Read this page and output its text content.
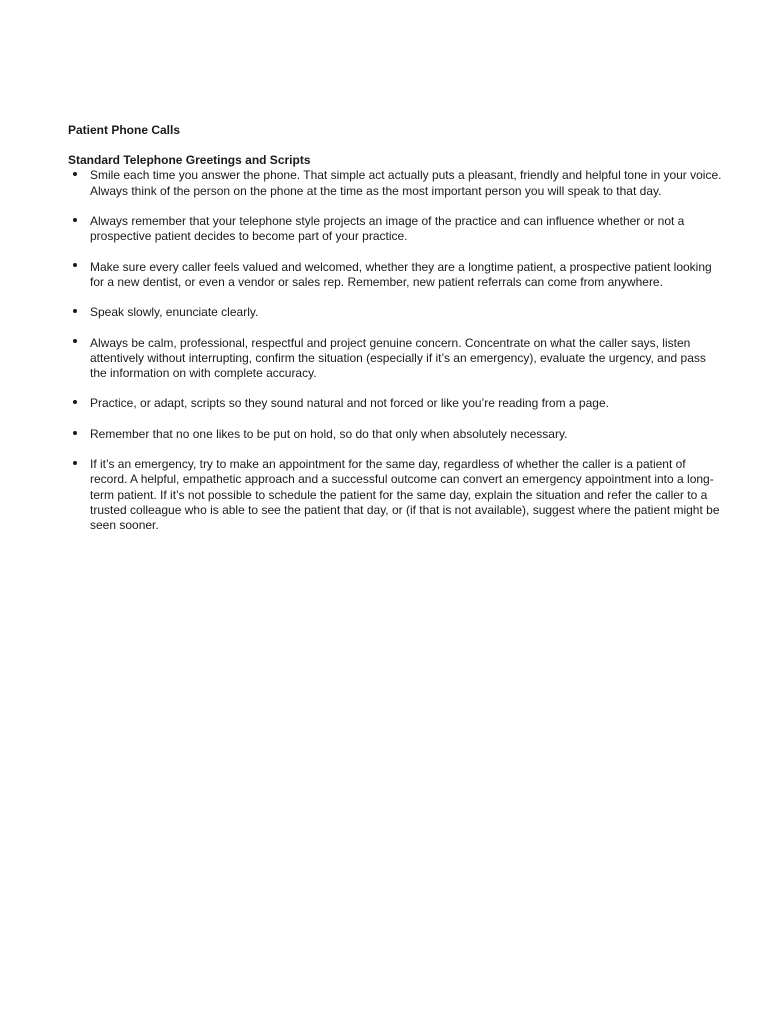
Patient Phone Calls
Standard Telephone Greetings and Scripts
Smile each time you answer the phone. That simple act actually puts a pleasant, friendly and helpful tone in your voice. Always think of the person on the phone at the time as the most important person you will speak to that day.
Always remember that your telephone style projects an image of the practice and can influence whether or not a prospective patient decides to become part of your practice.
Make sure every caller feels valued and welcomed, whether they are a longtime patient, a prospective patient looking for a new dentist, or even a vendor or sales rep. Remember, new patient referrals can come from anywhere.
Speak slowly, enunciate clearly.
Always be calm, professional, respectful and project genuine concern. Concentrate on what the caller says, listen attentively without interrupting, confirm the situation (especially if it’s an emergency), evaluate the urgency, and pass the information on with complete accuracy.
Practice, or adapt, scripts so they sound natural and not forced or like you’re reading from a page.
Remember that no one likes to be put on hold, so do that only when absolutely necessary.
If it’s an emergency, try to make an appointment for the same day, regardless of whether the caller is a patient of record. A helpful, empathetic approach and a successful outcome can convert an emergency appointment into a long-term patient. If it’s not possible to schedule the patient for the same day, explain the situation and refer the caller to a trusted colleague who is able to see the patient that day, or (if that is not available), suggest where the patient might be seen sooner.
